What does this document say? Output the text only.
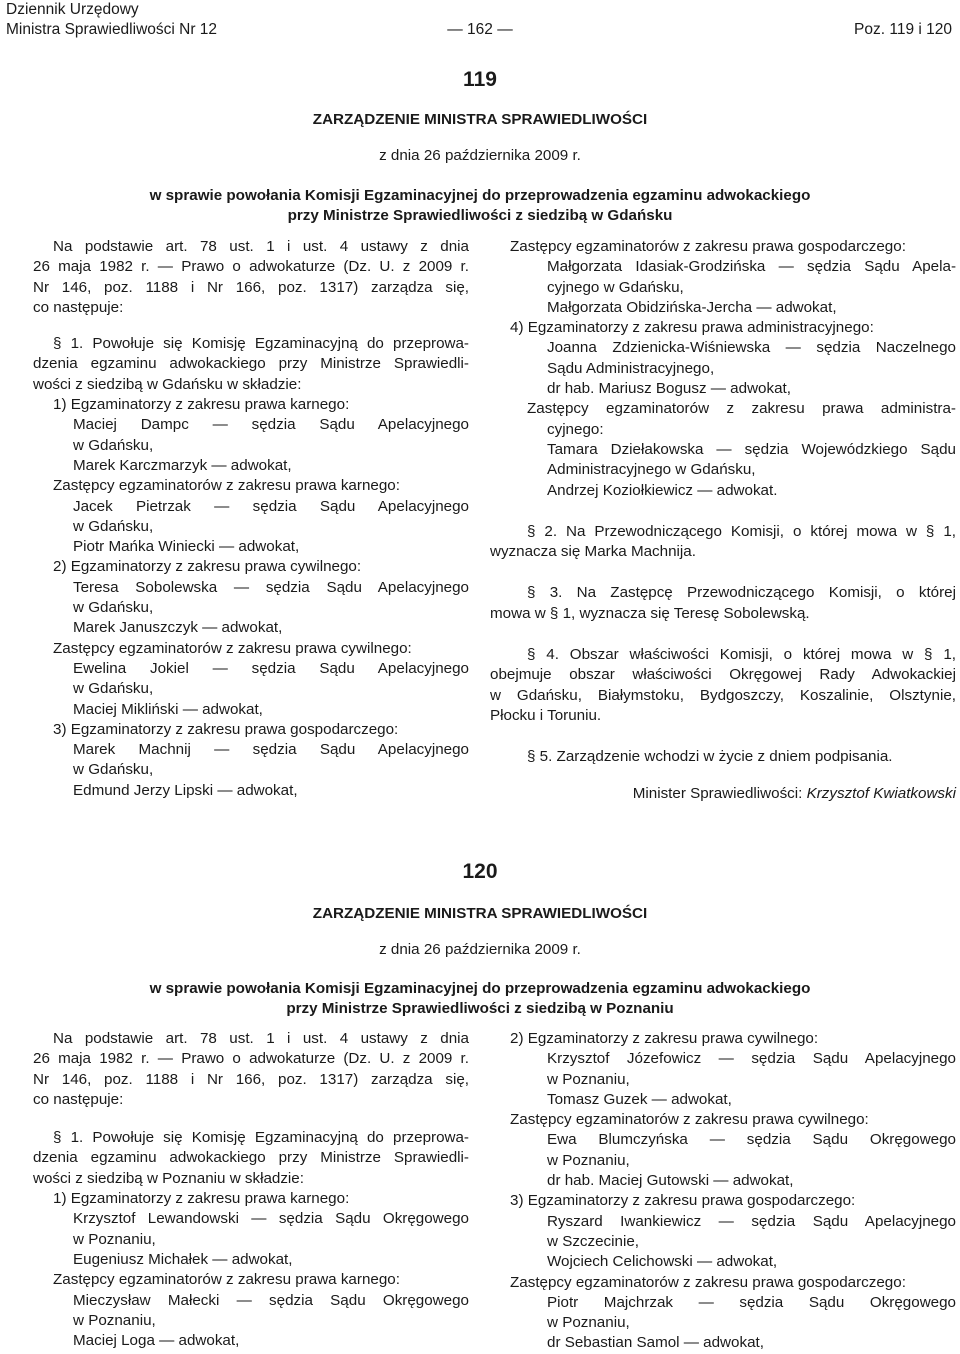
Dziennik Urzędowy
Ministra Sprawiedliwości Nr 12	— 162 —	Poz. 119 i 120
119
ZARZĄDZENIE MINISTRA SPRAWIEDLIWOŚCI
z dnia 26 października 2009 r.
w sprawie powołania Komisji Egzaminacyjnej do przeprowadzenia egzaminu adwokackiego
przy Ministrze Sprawiedliwości z siedzibą w Gdańsku

Na podstawie art. 78 ust. 1 i ust. 4 ustawy z dnia

26 maja 1982 r. — Prawo o adwokaturze (Dz. U. z 2009 r.

Nr 146, poz. 1188 i Nr 166, poz. 1317) zarządza się,

co następuje:

§ 1. Powołuje się Komisję Egzaminacyjną do przeprowa-

dzenia egzaminu adwokackiego przy Ministrze Sprawiedli-

wości z siedzibą w Gdańsku w składzie:

1) Egzaminatorzy z zakresu prawa karnego:

Maciej Dampc — sędzia Sądu Apelacyjnego

w Gdańsku,

Marek Karczmarzyk — adwokat,

Zastępcy egzaminatorów z zakresu prawa karnego:

Jacek Pietrzak — sędzia Sądu Apelacyjnego

w Gdańsku,

Piotr Mańka Winiecki — adwokat,

2) Egzaminatorzy z zakresu prawa cywilnego:

Teresa Sobolewska — sędzia Sądu Apelacyjnego

w Gdańsku,

Marek Januszczyk — adwokat,

Zastępcy egzaminatorów z zakresu prawa cywilnego:

Ewelina Jokiel — sędzia Sądu Apelacyjnego

w Gdańsku,

Maciej Mikliński — adwokat,

3) Egzaminatorzy z zakresu prawa gospodarczego:

Marek Machnij — sędzia Sądu Apelacyjnego

w Gdańsku,

Edmund Jerzy Lipski — adwokat,

Zastępcy egzaminatorów z zakresu prawa gospodarczego:

Małgorzata Idasiak-Grodzińska — sędzia Sądu Apela-

cyjnego w Gdańsku,

Małgorzata Obidzińska-Jercha — adwokat,

4) Egzaminatorzy z zakresu prawa administracyjnego:

Joanna Zdzienicka-Wiśniewska — sędzia Naczelnego

Sądu Administracyjnego,

dr hab. Mariusz Bogusz — adwokat,

Zastępcy egzaminatorów z zakresu prawa administra-

cyjnego:

Tamara Dziełakowska — sędzia Wojewódzkiego Sądu

Administracyjnego w Gdańsku,

Andrzej Koziołkiewicz — adwokat.

§ 2. Na Przewodniczącego Komisji, o której mowa w § 1,

wyznacza się Marka Machnija.

§ 3. Na Zastępcę Przewodniczącego Komisji, o której

mowa w § 1, wyznacza się Teresę Sobolewską.

§ 4. Obszar właściwości Komisji, o której mowa w § 1,

obejmuje obszar właściwości Okręgowej Rady Adwokackiej

w Gdańsku, Białymstoku, Bydgoszczy, Koszalinie, Olsztynie,

Płocku i Toruniu.

§ 5. Zarządzenie wchodzi w życie z dniem podpisania.

Minister Sprawiedliwości: Krzysztof Kwiatkowski

120
ZARZĄDZENIE MINISTRA SPRAWIEDLIWOŚCI
z dnia 26 października 2009 r.
w sprawie powołania Komisji Egzaminacyjnej do przeprowadzenia egzaminu adwokackiego
przy Ministrze Sprawiedliwości z siedzibą w Poznaniu

Na podstawie art. 78 ust. 1 i ust. 4 ustawy z dnia

26 maja 1982 r. — Prawo o adwokaturze (Dz. U. z 2009 r.

Nr 146, poz. 1188 i Nr 166, poz. 1317) zarządza się,

co następuje:

§ 1. Powołuje się Komisję Egzaminacyjną do przeprowa-

dzenia egzaminu adwokackiego przy Ministrze Sprawiedli-

wości z siedzibą w Poznaniu w składzie:

1) Egzaminatorzy z zakresu prawa karnego:

Krzysztof Lewandowski — sędzia Sądu Okręgowego

w Poznaniu,

Eugeniusz Michałek — adwokat,

Zastępcy egzaminatorów z zakresu prawa karnego:

Mieczysław Małecki — sędzia Sądu Okręgowego

w Poznaniu,

Maciej Loga — adwokat,

2) Egzaminatorzy z zakresu prawa cywilnego:

Krzysztof Józefowicz — sędzia Sądu Apelacyjnego

w Poznaniu,

Tomasz Guzek — adwokat,

Zastępcy egzaminatorów z zakresu prawa cywilnego:

Ewa Blumczyńska — sędzia Sądu Okręgowego

w Poznaniu,

dr hab. Maciej Gutowski — adwokat,

3) Egzaminatorzy z zakresu prawa gospodarczego:

Ryszard Iwankiewicz — sędzia Sądu Apelacyjnego

w Szczecinie,

Wojciech Celichowski — adwokat,

Zastępcy egzaminatorów z zakresu prawa gospodarczego:

Piotr Majchrzak — sędzia Sądu Okręgowego

w Poznaniu,

dr Sebastian Samol — adwokat,
